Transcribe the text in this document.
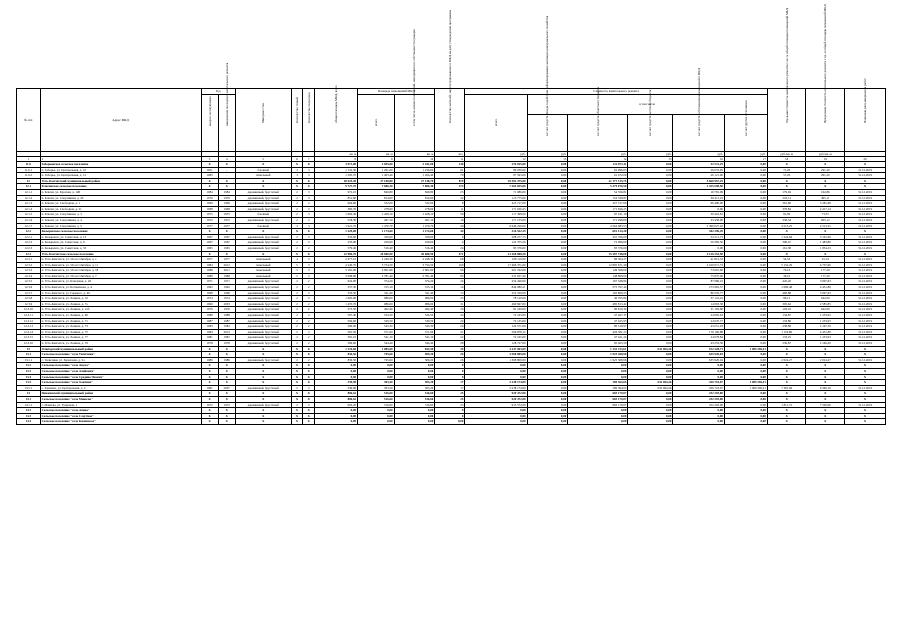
№ п/п	Адрес МКД	Год		Материал стен	Количество этажей	Количество подъездов	общая площадь МКД, всего	Площадь помещений МКД		Количество жителей, зарегистрированных в МКД на дату утверждения программы	Стоимость капитального ремонта						Удельная стоимость капитального ремонта 1 кв. м общей площади помещений МКД	Предельная стоимость капитального ремонта 1 кв. м общей площади помещений МКД	Плановая дата завершения работ

		ввода в эксплуатацию	завершения последнего капитального ремонта					всего	в том числе жилых помещений, находящихся в собственности граждан		всего	в том числе							

												за счет средств Фонда содействия реформированию жилищно-коммунального хозяйства	за счет средств областного бюджета	за счет средств местного бюджета	за счет средств собственников помещений в МКД	за счет других источников			

							кв. м	кв. м	кв. м	чел.	руб.	руб.	руб.	руб.	руб.	руб.	руб./кв. м	руб./кв. м	
1	2	3	4	5	6	7	8	9	10	11	12	13	14	15	16	17	18	19	20
11.6	Заборьевское сельское поселение	X	X	X	X	X	3 071,00	2 695,00	2 441,00	140	276 025,00	0,00	122 873,11	0,00	52 531,25	0,00	X	X	X
11.6.1	п. Заборье, ул. Центральная, д. 10	1951	-	блочный	3	3	1 722,30	1 291,60	1 236,60	81	89 030,00	0,00	62 996,05	0,00	26 033,95	0,00	71,20	291,20	31.12.2019
11.6.2	п. Заборье, ул. Центральная, д. 12	1985	-	панельный	3	3	1 595,70	1 403,40	1 204,40	79	87 593,00	0,00	61 472,00	0,00	26 121,00	0,00	57,20	291,20	31.12.2019
12	Усть-Камчатский муниципальный район	X	X	X	X	X	28 924,40	27 168,80	27 148,70	879	29 302 475,00	0,00	21 177 313,75	0,00	5 660 967,25	0,00	X	X	X
12.1	Ключевское сельское поселение	X	X	X	X	X	9 727,70	7 686,30	7 686,30	273	7 263 825,00	0,00	5 379 076,50	0,00	2 435 698,50	0,00	X	X	X
12.1.1	п. Ключи, ул. Красная, д. 12Б	1984	1984	деревянный, брусчатый	2	3	972,10	849,80	849,80	25	71 086,00	0,00	54 556,81	0,00	16 781,09	0,00	179,94	162,86	31.12.2019
12.1.2	п. Ключи, ул. Спортивная, д. 20	1976	1976	деревянный, брусчатый	2	3	851,60	814,60	814,60	22	115 775,00	0,00	154 339,81	0,00	36 411,19	0,00	243,13	405,11	31.12.2019
12.1.3	п. Ключи, ул. Свободная, д. 1	1969	1969	деревянный, брусчатый	2	2	964,60	532,00	532,00	8	423 717,00	0,00	327 317,00	0,00	96 400,00	0,00	361,60	5 281,98	31.12.2019
12.1.4	п. Ключи, ул. Свободная, д. 21	1968	1968	деревянный, брусчатый	2	2	385,70	278,60	278,60	11	171 626,25	0,00	171 626,25	0,00	0,00	0,00	379,84	2 417,14	31.12.2019
12.1.5	п. Ключи, ул. Спортивная, д. 3	1975	1975	блочный	2	3	1 604,30	1 428,10	1 428,10	56	117 368,00	0,00	87 431,19	0,00	30 416,81	0,00	81,90	73,35	31.12.2019
12.1.6	п. Ключи, ул. Спортивная, д. 4	1972	1972	деревянный, брусчатый	2	2	518,30	497,10	497,10	16	171 155,00	0,00	171 498,00	0,00	33 458,00	0,00	336,34	605,12	31.12.2019
12.1.7	п. Ключи, ул. Спортивная, д. 5	1977	1977	блочный	3	3	1 921,70	1 470,70	1 470,70	29	6 646 220,00	0,00	4 264 683,53	0,00	2 396 027,42	0,00	4 513,25	4 513,25	31.12.2019
12.2	Козыревское сельское поселение	X	X	X	X	X	1 229,00	1 174,60	1 174,60	44	216 522,29	0,00	601 124,20	0,00	302 296,29	0,00	X	X	X
12.2.1	п. Козыревск, ул. Советская, д. 13	1967	1967	деревянный, брусчатый	2	2	333,60	329,60	329,60	6	508 277,73	0,00	455 766,00	0,00	52 511,73	0,00	1 524,84	3 161,69	31.12.2019
12.2.2	п. Козыревск, ул. Советская, д. 9	1967	1967	деревянный, брусчатый	2	2	233,90	229,00	229,00	4	122 375,56	0,00	72 090,00	0,00	50 285,56	0,00	300,47	1 483,86	31.12.2019
12.2.3	п. Козыревск, ул. Советская, д. 33	1965	1965	деревянный, брусчатый	2	2	579,40	516,40	516,40	24	83 376,00	0,00	83 376,00	0,00	0,00	0,00	161,38	1 854,23	31.12.2019
12.3	Усть-Камчатское сельское поселение	X	X	X	X	X	22 986,70	20 680,90	20 680,90	571	21 268 808,50	0,00	15 287 748,00	0,00	4 126 253,50	0,00	X	X	X
12.3.1	п. Усть-Камчатск, ул. 50-лет Октября, д. 1	1977	1977	панельный	4	3	2 477,10	2 248,30	2 248,30	68	108 110,00	0,00	86 304,27	0,00	41 812,33	0,00	54,54	25,19	31.12.2019
12.3.2	п. Усть-Камчатск, ул. 50-лет Октября, д. 11	1984	2012	панельный	5	3	4 240,70	3 754,50	3 754,50	160	17 466 371,00	0,00	12 895 671,40	0,00	2 160 671,73	0,00	5 152,29	4 737,96	31.12.2019
12.3.3	п. Усть-Камчатск, ул. 50-лет Октября, д. 18	1988	2011	панельный	5	3	3 181,00	2 901,80	2 901,80	96	201 192,60	0,00	149 508,00	0,00	73 691,60	0,00	79,16	177,29	31.12.2019
12.3.4	п. Усть-Камчатск, ул. 50-лет Октября, д. 7	1988	1988	панельный	5	3	3 098,80	2 781,40	2 781,40	85	231 637,40	0,00	148 808,00	0,00	75 837,40	0,00	36,19	177,29	31.12.2019
12.3.5	п. Усть-Камчатск, ул. Ключевая, д. 26	1971	1971	деревянный, брусчатый	2	2	624,00	374,20	374,20	24	254 426,00	0,00	167 348,84	0,00	87 086,16	0,00	445,20	3 097,63	31.12.2019
12.3.6	п. Усть-Камчатск, ул. Ботаничная, д. 4	1992	1992	деревянный, брусчатый	2	2	357,30	315,10	315,10	14	844 080,21	0,00	575 797,44	0,00	273 965,57	0,00	1 069,48	4 431,89	31.12.2019
12.3.7	п. Усть-Камчатск, ул. Горького, д. 49	1968	1968	деревянный, брусчатый	2	2	370,50	341,40	341,40	15	252 520,00	0,00	165 809,23	0,00	86 576,77	0,00	460,88	3 097,63	31.12.2019
12.3.8	п. Усть-Камчатск, ул. Ленина, д. 10	1974	1974	деревянный, брусчатый	2	2	1 665,00	986,00	986,00	25	78 120,00	0,00	40 765,84	0,00	37 141,16	0,00	86,12	642,00	31.12.2019
12.3.9	п. Усть-Камчатск, ул. Ленина, д. 7а	1969	2003	деревянный, брусчатый	2	2	1 470,70	986,00	986,00	31	490 847,00	0,00	485 813,42	0,00	14 003,58	0,00	305,62	2 585,85	31.12.2019
12.3.10	п. Усть-Камчатск, ул. Ленина, д. 12б	1976	1976	деревянный, брусчатый	2	2	573,50	492,40	492,40	20	81 160,00	0,00	90 810,34	0,00	31 183,66	0,00	193,19	642,00	31.12.2019
12.3.11	п. Усть-Камчатск, ул. Ленина, д. 60	1988	1988	деревянный, брусчатый	2	2	597,40	534,50	534,50	24	72 103,00	0,00	47 407,37	0,00	24 695,63	0,00	134,87	1 253,93	31.12.2019
12.3.12	п. Усть-Камчатск, ул. Ленина, д. 71	1987	1987	деревянный, брусчатый	2	2	594,60	539,50	539,50	24	72 135,00	0,00	47 425,93	0,00	24 670,77	0,00	133,89	1 253,93	31.12.2019
12.3.13	п. Усть-Камчатск, ул. Ленина, д. 73	1983	1983	деревянный, брусчатый	2	2	590,00	543,30	543,30	24	124 571,00	0,00	80 519,97	0,00	43 051,03	0,00	238,89	2 197,59	31.12.2019
12.3.14	п. Усть-Камчатск, ул. Ленина, д. 75	1984	2012	деревянный, брусчатый	2	2	581,50	571,60	571,60	21	596 878,12	0,00	426 581,23	0,00	170 106,88	0,00	1 119,86	4 431,89	31.12.2019
12.3.15	п. Усть-Камчатск, ул. Ленина, д. 77	1981	1981	деревянный, брусчатый	2	2	581,10	541,10	541,10	22	72 105,00	0,00	47 421,24	0,00	24 678,84	0,00	133,25	1 253,93	31.12.2019
12.3.16	п. Усть-Камчатск, ул. Ленина, д. 79	1978	1978	деревянный, брусчатый	2	2	586,60	544,40	544,40	28	128 727,00	0,00	85 463,50	0,00	43 253,50	0,00	236,87	2 146,29	31.12.2019
13	Олюторский муниципальный район	X	X	X	X	X	1 276,60	1 085,60	832,50	29	3 247 063,09	0,00	1 132 723,61	632 694,26	672 228,71	1 009 296,41	X	X	X
13.1	Сельское поселение "село Тиличики"	X	X	X	X	X	836,50	745,60	509,20	26	3 568 809,00	0,00	1 925 368,96	0,00	635 920,04	0,00	X	X	X
13.1.1	с. Тиличики, ул. Зеркаловa, д. 5а	1986	1986	деревянный, брусчатый	2	2	836,50	745,60	509,20	26	1 368 809,00	0,00	1 925 368,96	0,00	635 920,04	0,00	2 024,27	2 024,27	31.12.2019
13.2	Сельское поселение "село Апука"	X	X	X	X	X	0,00	0,00	0,00	0	0,00	0,00	0,00	0,00	0,00	0,00	X	X	X
13.3	Сельское поселение "село Ачайваям"	X	X	X	X	X	0,00	0,00	0,00	0	0,00	0,00	0,00	0,00	0,00	0,00	X	X	X
13.4	Сельское поселение "село Средние Пахачи"	X	X	X	X	X	0,00	0,00	0,00	0	0,00	0,00	0,00	0,00	0,00	0,00	X	X	X
13.5	Сельское поселение "село Хаилино"	X	X	X	X	X	339,90	303,20	303,20	17	2 238 174,09	0,00	189 364,65	632 694,26	436 718,07	1 009 296,41	X	X	X
13.5.1	с. Хаилино, ул. Центральная, д. 4	1981	2007	деревянный, брусчатый	2	2	339,90	303,20	303,20	17	2 238 174,09	0,00	189 364,65	632 694,26	436 718,07	1 009 296,41	7 381,84	6 296,10	31.12.2019
14	Пенжинский муниципальный район	X	X	X	X	X	806,62	516,60	516,60	25	920 472,00	0,00	683 179,07	0,00	252 293,00	0,00	X	X	X
14.1	Сельское поселение "село Манилы"	X	X	X	X	X	806,62	516,60	516,60	25	920 472,00	0,00	683 179,07	0,00	252 293,00	0,00	X	X	X
14.1.1	с. Манилы, ул. Тундовая, 1	1972	1972	деревянный, брусчатый	2	2	903,20	516,60	516,60	25	913 572,00	0,00	683 179,07	0,00	252 293,00	0,00	1 811,72	7 520,06	31.12.2019
14.2	Сельское поселение "село Аянка"	X	X	X	X	X	0,00	0,00	0,00	0	0,00	0,00	0,00	0,00	0,00	0,00	X	X	X
14.3	Сельское поселение "село Слаутное"	X	X	X	X	X	0,00	0,00	0,00	0	0,00	0,00	0,00	0,00	0,00	0,00	X	X	X
14.4	Сельское поселение "село Каменское"	X	X	X	X	X	0,00	0,00	0,00	0,00	0,00	0,00	0,00	0,00	0,00	0,00	X	X	X
